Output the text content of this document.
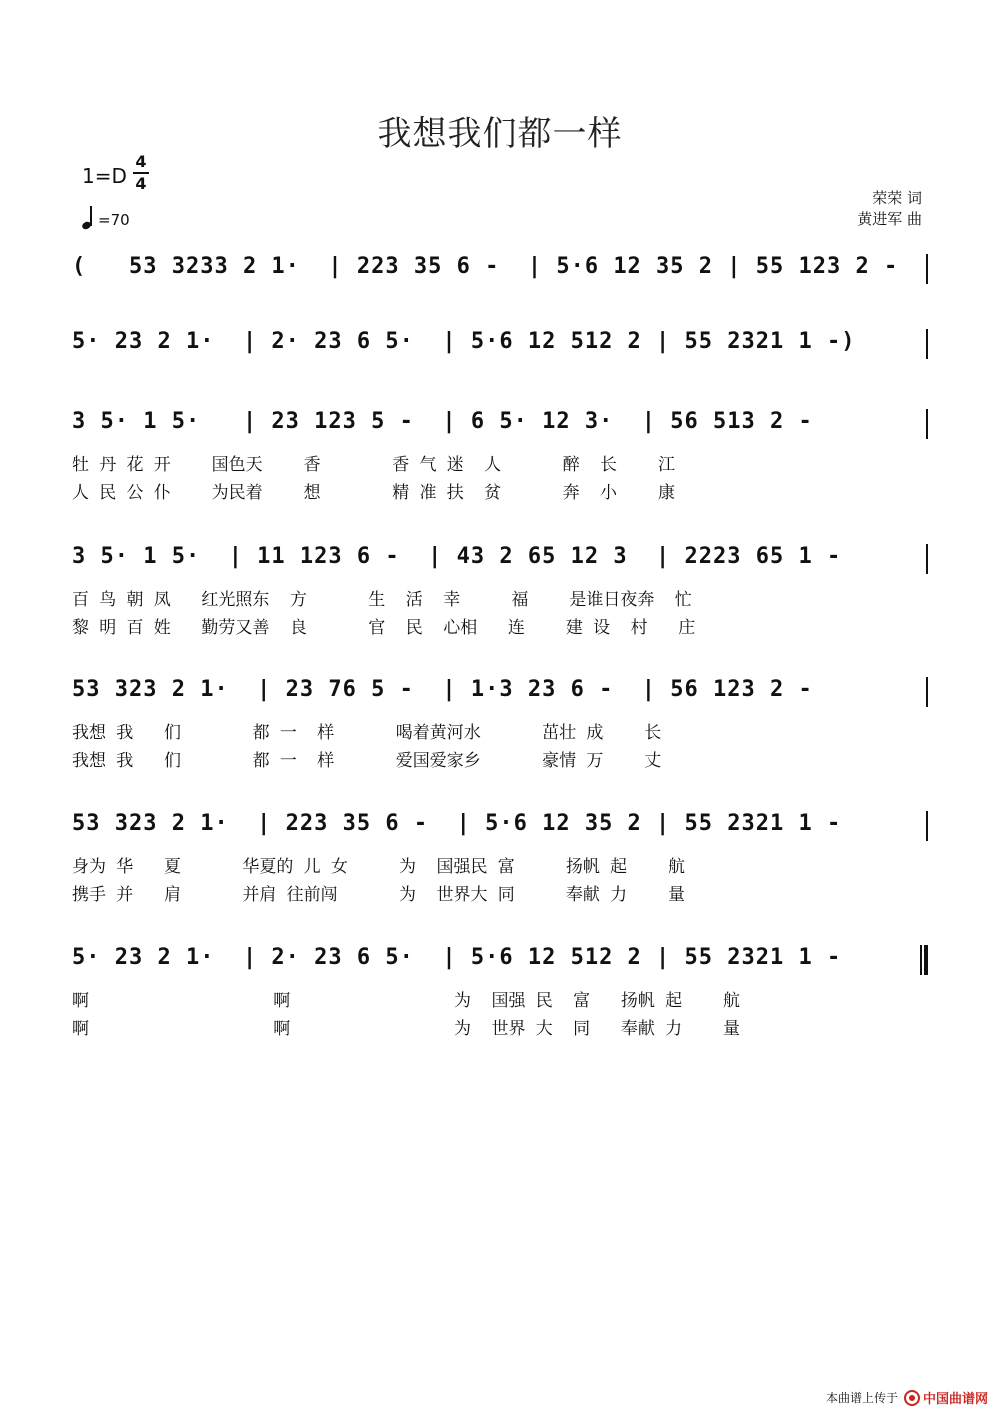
我想我们都一样
1=D
4
4
=70
荣荣 词
黄进军 曲
(   53 3233 2 1·  | 223 35 6 -  | 5·6 12 35 2 | 55 123 2 -
5· 23 2 1·  | 2· 23 6 5·  | 5·6 12 512 2 | 55 2321 1 -)
3 5· 1 5·   | 23 123 5 -  | 6 5· 12 3·  | 56 513 2 -
牡 丹 花 开    国色天    香       香 气 迷  人      醉  长    江
人 民 公 仆    为民着    想       精 准 扶  贫      奔  小    康
3 5· 1 5·  | 11 123 6 -  | 43 2 65 12 3  | 2223 65 1 -
百 鸟 朝 凤   红光照东  方      生  活  幸     福    是谁日夜奔  忙
黎 明 百 姓   勤劳又善  良      官  民  心相   连    建 设  村   庄
53 323 2 1·  | 23 76 5 -  | 1·3 23 6 -  | 56 123 2 -
我想 我   们       都 一  样      喝着黄河水      茁壮 成    长
我想 我   们       都 一  样      爱国爱家乡      豪情 万    丈
53 323 2 1·  | 223 35 6 -  | 5·6 12 35 2 | 55 2321 1 -
身为 华   夏      华夏的 儿 女     为  国强民 富     扬帆 起    航
携手 并   肩      并肩 往前闯      为  世界大 同     奉献 力    量
5· 23 2 1·  | 2· 23 6 5·  | 5·6 12 512 2 | 55 2321 1 -
啊                  啊                为  国强 民  富   扬帆 起    航
啊                  啊                为  世界 大  同   奉献 力    量
本曲谱上传于 中国曲谱网
